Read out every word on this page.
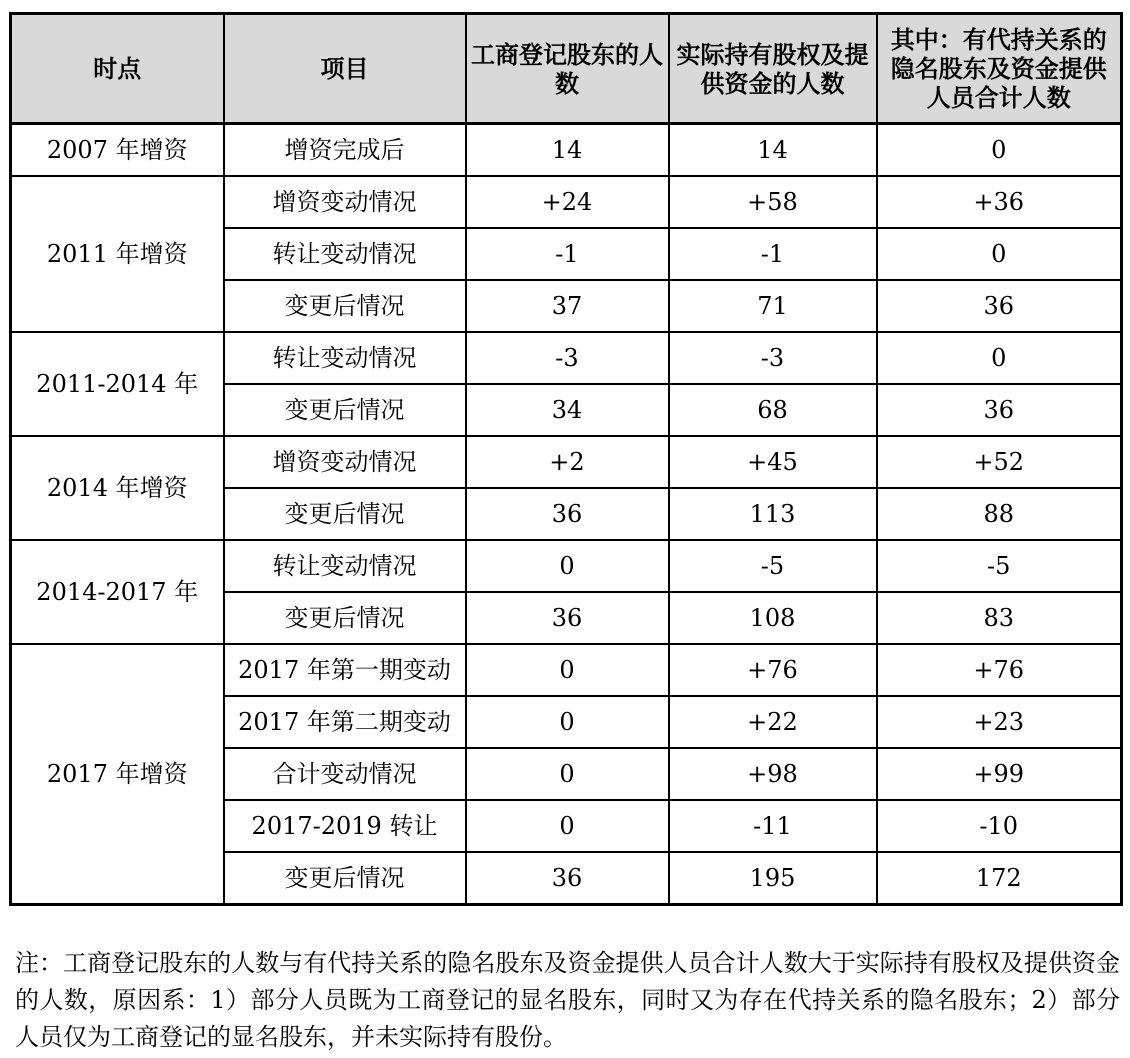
时点	项目	工商登记股东的人数	实际持有股权及提供资金的人数	其中：有代持关系的隐名股东及资金提供人员合计人数
2007 年增资	增资完成后	14	14	0
2011 年增资	增资变动情况	+24	+58	+36
	转让变动情况	-1	-1	0
	变更后情况	37	71	36
2011-2014 年	转让变动情况	-3	-3	0
	变更后情况	34	68	36
2014 年增资	增资变动情况	+2	+45	+52
	变更后情况	36	113	88
2014-2017 年	转让变动情况	0	-5	-5
	变更后情况	36	108	83
2017 年增资	2017 年第一期变动	0	+76	+76
	2017 年第二期变动	0	+22	+23
	合计变动情况	0	+98	+99
	2017-2019 转让	0	-11	-10
	变更后情况	36	195	172
注：工商登记股东的人数与有代持关系的隐名股东及资金提供人员合计人数大于实际持有股权及提供资金的人数，原因系：1）部分人员既为工商登记的显名股东，同时又为存在代持关系的隐名股东；2）部分人员仅为工商登记的显名股东，并未实际持有股份。
